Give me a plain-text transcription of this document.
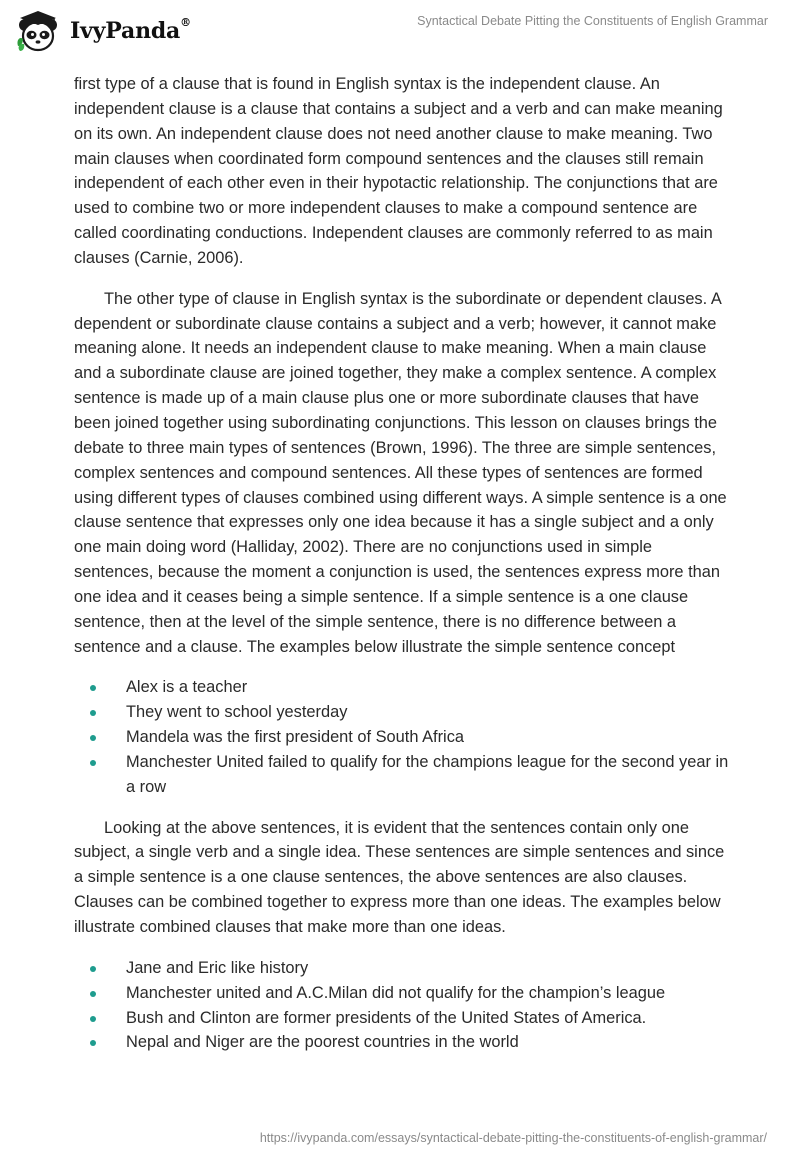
IvyPanda®	Syntactical Debate Pitting the Constituents of English Grammar

first type of a clause that is found in English syntax is the independent clause. An independent clause is a clause that contains a subject and a verb and can make meaning on its own. An independent clause does not need another clause to make meaning. Two main clauses when coordinated form compound sentences and the clauses still remain independent of each other even in their hypotactic relationship. The conjunctions that are used to combine two or more independent clauses to make a compound sentence are called coordinating conductions. Independent clauses are commonly referred to as main clauses (Carnie, 2006).

The other type of clause in English syntax is the subordinate or dependent clauses. A dependent or subordinate clause contains a subject and a verb; however, it cannot make meaning alone. It needs an independent clause to make meaning. When a main clause and a subordinate clause are joined together, they make a complex sentence. A complex sentence is made up of a main clause plus one or more subordinate clauses that have been joined together using subordinating conjunctions. This lesson on clauses brings the debate to three main types of sentences (Brown, 1996). The three are simple sentences, complex sentences and compound sentences. All these types of sentences are formed using different types of clauses combined using different ways. A simple sentence is a one clause sentence that expresses only one idea because it has a single subject and a only one main doing word (Halliday, 2002). There are no conjunctions used in simple sentences, because the moment a conjunction is used, the sentences express more than one idea and it ceases being a simple sentence. If a simple sentence is a one clause sentence, then at the level of the simple sentence, there is no difference between a sentence and a clause. The examples below illustrate the simple sentence concept

Alex is a teacher
They went to school yesterday
Mandela was the first president of South Africa
Manchester United failed to qualify for the champions league for the second year in a row

Looking at the above sentences, it is evident that the sentences contain only one subject, a single verb and a single idea. These sentences are simple sentences and since a simple sentence is a one clause sentences, the above sentences are also clauses. Clauses can be combined together to express more than one ideas. The examples below illustrate combined clauses that make more than one ideas.

Jane and Eric like history
Manchester united and A.C.Milan did not qualify for the champion’s league
Bush and Clinton are former presidents of the United States of America.
Nepal and Niger are the poorest countries in the world
https://ivypanda.com/essays/syntactical-debate-pitting-the-constituents-of-english-grammar/
